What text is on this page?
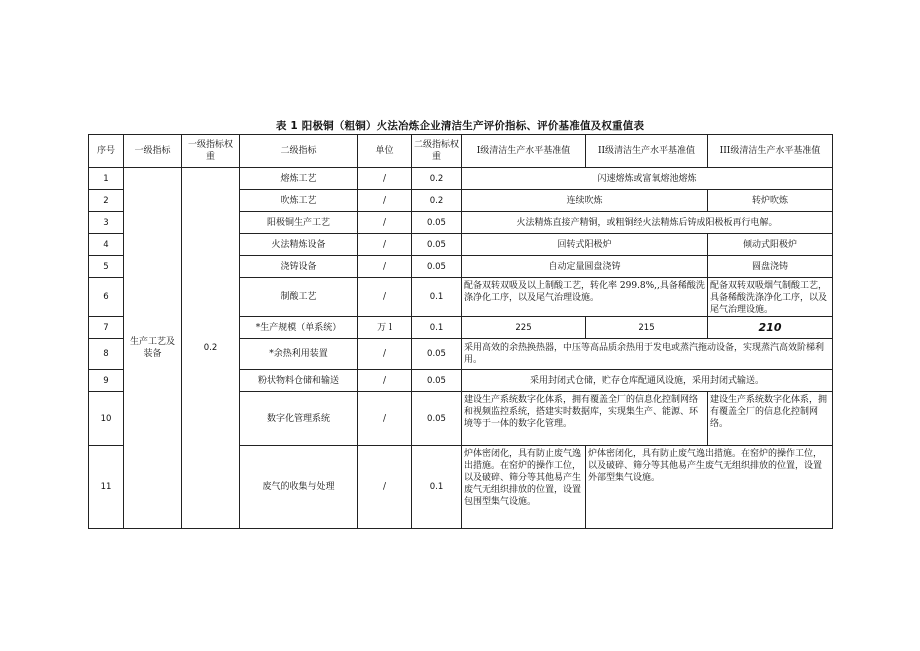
表 1 阳极铜（粗铜）火法冶炼企业清洁生产评价指标、评价基准值及权重值表
序号	一级指标	一级指标权重	二级指标	单位	二级指标权重	I级清洁生产水平基准值	II级清洁生产水平基准值	III级清洁生产水平基准值
1	生产工艺及装备	0.2	熔炼工艺	/	0.2	闪速熔炼或富氧熔池熔炼		
2			吹炼工艺	/	0.2	连续吹炼		转炉吹炼
3			阳极铜生产工艺	/	0.05	火法精炼直接产精铜，或粗铜经火法精炼后铸成阳极板再行电解。		
4			火法精炼设备	/	0.05	回转式阳极炉		倾动式阳极炉
5			浇铸设备	/	0.05	自动定量圆盘浇铸		圆盘浇铸
6			制酸工艺	/	0.1	配备双转双吸及以上制酸工艺，转化率 299.8%,,具备稀酸洗涤净化工序，以及尾气治理设施。		配备双转双吸烟气制酸工艺，具备稀酸洗涤净化工序，以及尾气治理设施。
7			*生产规模（单系统）	万 l	0.1	225	215	210
8			*余热利用装置	/	0.05	采用高效的余热换热器，中压等高品质余热用于发电或蒸汽拖动设备，实现蒸汽高效阶梯利用。		
9			粉状物料仓储和输送	/	0.05	采用封闭式仓储，贮存仓库配通风设施，采用封闭式输送。		
10			数字化管理系统	/	0.05	建设生产系统数字化体系，拥有覆盖全厂的信息化控制网络和视频监控系统，搭建实时数据库，实现集生产、能源、环境等于一体的数字化管理。		建设生产系统数字化体系，拥有覆盖全厂的信息化控制网络。
11			废气的收集与处理	/	0.1	炉体密闭化，具有防止废气逸出措施。在窑炉的操作工位，以及破碎、筛分等其他易产生废气无组织排放的位置，设置包围型集气设施。	炉体密闭化，具有防止废气逸出措施。在窑炉的操作工位，以及破碎、筛分等其他易产生废气无组织排放的位置，设置外部型集气设施。	
